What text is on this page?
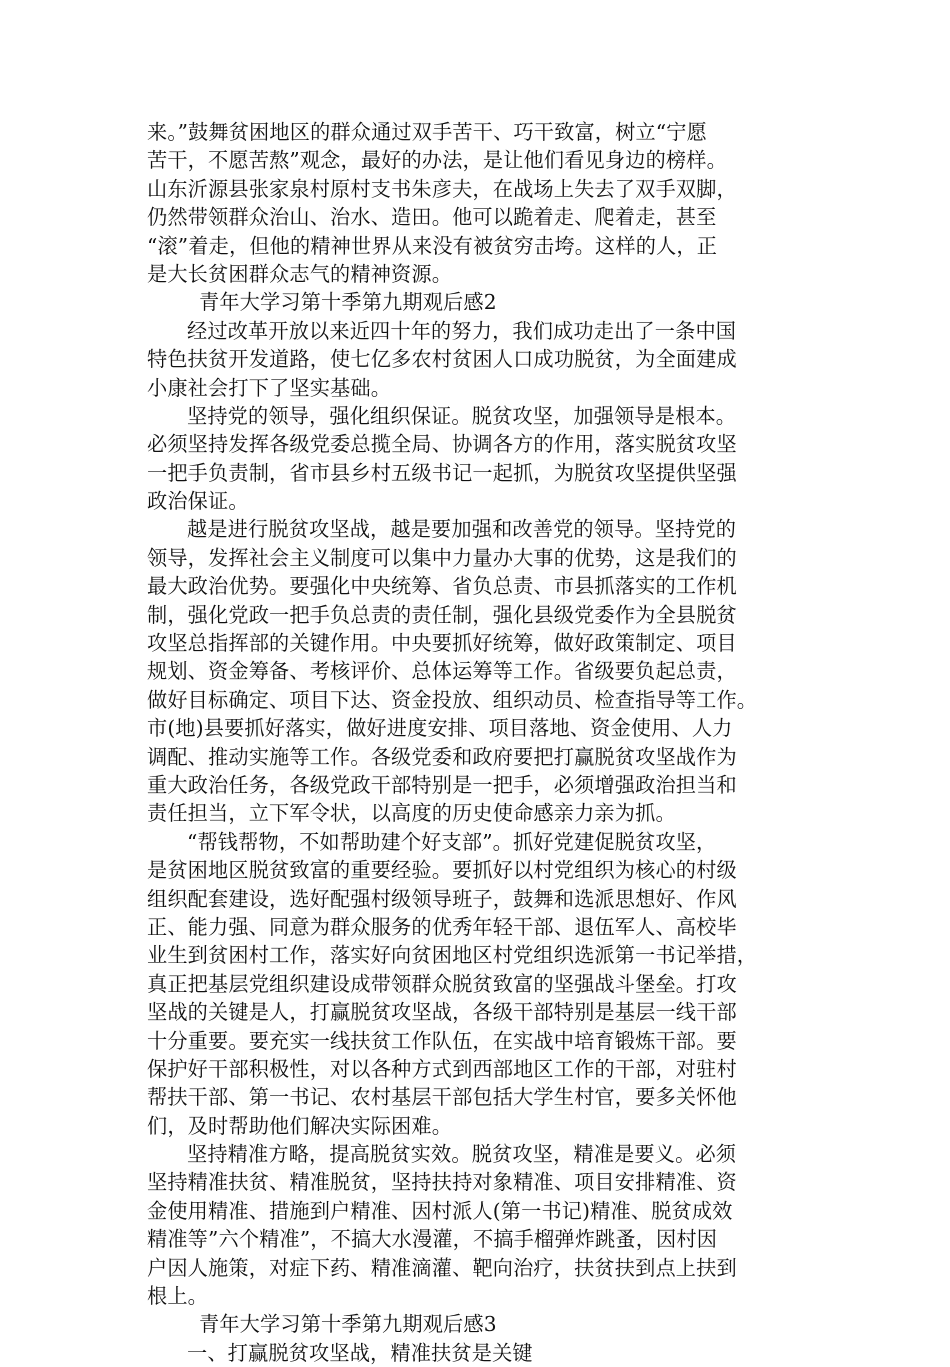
来。”鼓舞贫困地区的群众通过双手苦干、巧干致富，树立“宁愿
苦干，不愿苦熬”观念，最好的办法，是让他们看见身边的榜样。
山东沂源县张家泉村原村支书朱彦夫，在战场上失去了双手双脚，
仍然带领群众治山、治水、造田。他可以跪着走、爬着走，甚至
“滚”着走，但他的精神世界从来没有被贫穷击垮。这样的人，正
是大长贫困群众志气的精神资源。
青年大学习第十季第九期观后感2
经过改革开放以来近四十年的努力，我们成功走出了一条中国
特色扶贫开发道路，使七亿多农村贫困人口成功脱贫，为全面建成
小康社会打下了坚实基础。
坚持党的领导，强化组织保证。脱贫攻坚，加强领导是根本。
必须坚持发挥各级党委总揽全局、协调各方的作用，落实脱贫攻坚
一把手负责制，省市县乡村五级书记一起抓，为脱贫攻坚提供坚强
政治保证。
越是进行脱贫攻坚战，越是要加强和改善党的领导。坚持党的
领导，发挥社会主义制度可以集中力量办大事的优势，这是我们的
最大政治优势。要强化中央统筹、省负总责、市县抓落实的工作机
制，强化党政一把手负总责的责任制，强化县级党委作为全县脱贫
攻坚总指挥部的关键作用。中央要抓好统筹，做好政策制定、项目
规划、资金筹备、考核评价、总体运筹等工作。省级要负起总责，
做好目标确定、项目下达、资金投放、组织动员、检查指导等工作。
市(地)县要抓好落实，做好进度安排、项目落地、资金使用、人力
调配、推动实施等工作。各级党委和政府要把打赢脱贫攻坚战作为
重大政治任务，各级党政干部特别是一把手，必须增强政治担当和
责任担当，立下军令状，以高度的历史使命感亲力亲为抓。
“帮钱帮物，不如帮助建个好支部”。抓好党建促脱贫攻坚，
是贫困地区脱贫致富的重要经验。要抓好以村党组织为核心的村级
组织配套建设，选好配强村级领导班子，鼓舞和选派思想好、作风
正、能力强、同意为群众服务的优秀年轻干部、退伍军人、高校毕
业生到贫困村工作，落实好向贫困地区村党组织选派第一书记举措，
真正把基层党组织建设成带领群众脱贫致富的坚强战斗堡垒。打攻
坚战的关键是人，打赢脱贫攻坚战，各级干部特别是基层一线干部
十分重要。要充实一线扶贫工作队伍，在实战中培育锻炼干部。要
保护好干部积极性，对以各种方式到西部地区工作的干部，对驻村
帮扶干部、第一书记、农村基层干部包括大学生村官，要多关怀他
们，及时帮助他们解决实际困难。
坚持精准方略，提高脱贫实效。脱贫攻坚，精准是要义。必须
坚持精准扶贫、精准脱贫，坚持扶持对象精准、项目安排精准、资
金使用精准、措施到户精准、因村派人(第一书记)精准、脱贫成效
精准等”六个精准”，不搞大水漫灌，不搞手榴弹炸跳蚤，因村因
户因人施策，对症下药、精准滴灌、靶向治疗，扶贫扶到点上扶到
根上。
青年大学习第十季第九期观后感3
一、打赢脱贫攻坚战，精准扶贫是关键
